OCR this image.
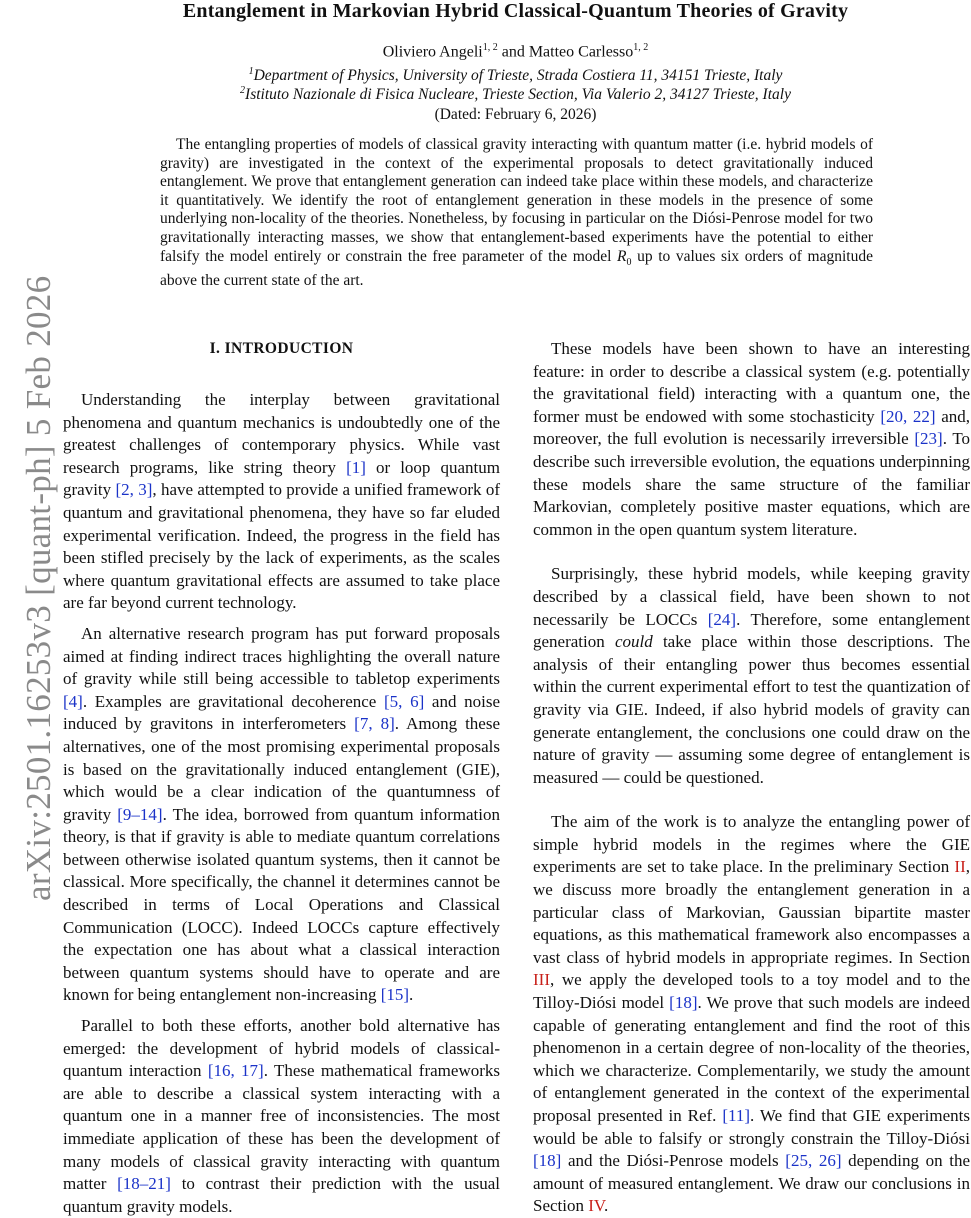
arXiv:2501.16253v3 [quant-ph] 5 Feb 2026
Entanglement in Markovian Hybrid Classical-Quantum Theories of Gravity
Oliviero Angeli$^{1, 2}$ and Matteo Carlesso$^{1, 2}$
$^1$Department of Physics, University of Trieste, Strada Costiera 11, 34151 Trieste, Italy
$^2$Istituto Nazionale di Fisica Nucleare, Trieste Section, Via Valerio 2, 34127 Trieste, Italy
(Dated: February 6, 2026)

The entangling properties of models of classical gravity interacting with quantum matter (i.e. hybrid models of gravity) are investigated in the context of the experimental proposals to detect gravitationally induced entanglement. We prove that entanglement generation can indeed take place within these models, and characterize it quantitatively. We identify the root of entanglement generation in these models in the presence of some underlying non-locality of the theories. Nonetheless, by focusing in particular on the Diósi-Penrose model for two gravitationally interacting masses, we show that entanglement-based experiments have the potential to either falsify the model entirely or constrain the free parameter of the model $R_0$ up to values six orders of magnitude above the current state of the art.

I. INTRODUCTION

Understanding the interplay between gravitational phenomena and quantum mechanics is undoubtedly one of the greatest challenges of contemporary physics. While vast research programs, like string theory [1] or loop quantum gravity [2, 3], have attempted to provide a unified framework of quantum and gravitational phenomena, they have so far eluded experimental verification. Indeed, the progress in the field has been stifled precisely by the lack of experiments, as the scales where quantum gravitational effects are assumed to take place are far beyond current technology.

An alternative research program has put forward proposals aimed at finding indirect traces highlighting the overall nature of gravity while still being accessible to tabletop experiments [4]. Examples are gravitational decoherence [5, 6] and noise induced by gravitons in interferometers [7, 8]. Among these alternatives, one of the most promising experimental proposals is based on the gravitationally induced entanglement (GIE), which would be a clear indication of the quantumness of gravity [9–14]. The idea, borrowed from quantum information theory, is that if gravity is able to mediate quantum correlations between otherwise isolated quantum systems, then it cannot be classical. More specifically, the channel it determines cannot be described in terms of Local Operations and Classical Communication (LOCC). Indeed LOCCs capture effectively the expectation one has about what a classical interaction between quantum systems should have to operate and are known for being entanglement non-increasing [15].

Parallel to both these efforts, another bold alternative has emerged: the development of hybrid models of classical-quantum interaction [16, 17]. These mathematical frameworks are able to describe a classical system interacting with a quantum one in a manner free of inconsistencies. The most immediate application of these has been the development of many models of classical gravity interacting with quantum matter [18–21] to contrast their prediction with the usual quantum gravity models.

These models have been shown to have an interesting feature: in order to describe a classical system (e.g. potentially the gravitational field) interacting with a quantum one, the former must be endowed with some stochasticity [20, 22] and, moreover, the full evolution is necessarily irreversible [23]. To describe such irreversible evolution, the equations underpinning these models share the same structure of the familiar Markovian, completely positive master equations, which are common in the open quantum system literature.

Surprisingly, these hybrid models, while keeping gravity described by a classical field, have been shown to not necessarily be LOCCs [24]. Therefore, some entanglement generation could take place within those descriptions. The analysis of their entangling power thus becomes essential within the current experimental effort to test the quantization of gravity via GIE. Indeed, if also hybrid models of gravity can generate entanglement, the conclusions one could draw on the nature of gravity — assuming some degree of entanglement is measured — could be questioned.

The aim of the work is to analyze the entangling power of simple hybrid models in the regimes where the GIE experiments are set to take place. In the preliminary Section II, we discuss more broadly the entanglement generation in a particular class of Markovian, Gaussian bipartite master equations, as this mathematical framework also encompasses a vast class of hybrid models in appropriate regimes. In Section III, we apply the developed tools to a toy model and to the Tilloy-Diósi model [18]. We prove that such models are indeed capable of generating entanglement and find the root of this phenomenon in a certain degree of non-locality of the theories, which we characterize. Complementarily, we study the amount of entanglement generated in the context of the experimental proposal presented in Ref. [11]. We find that GIE experiments would be able to falsify or strongly constrain the Tilloy-Diósi [18] and the Diósi-Penrose models [25, 26] depending on the amount of measured entanglement. We draw our conclusions in Section IV.
